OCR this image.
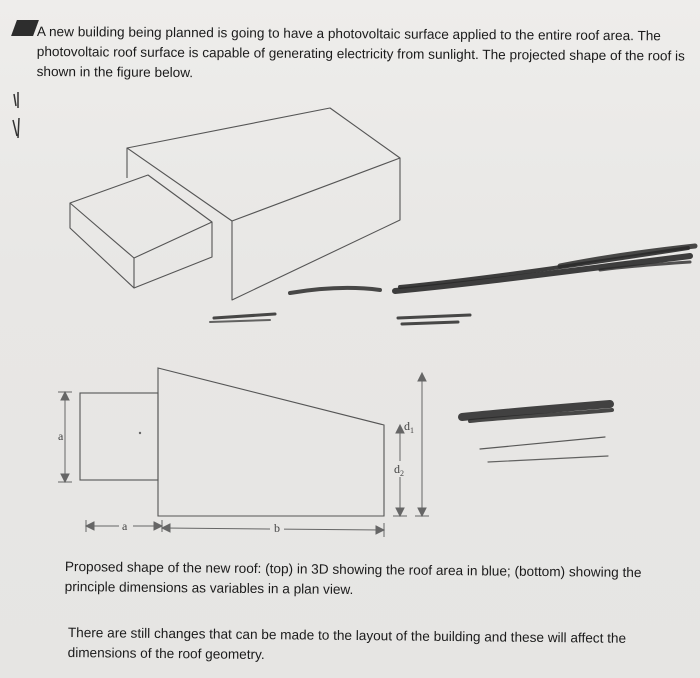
A new building being planned is going to have a photovoltaic surface applied to the entire roof area. The photovoltaic roof surface is capable of generating electricity from sunlight. The projected shape of the roof is shown in the figure below.

a
a	b
$d_1$
$d_2$

Proposed shape of the new roof: (top) in 3D showing the roof area in blue; (bottom) showing the principle dimensions as variables in a plan view.

There are still changes that can be made to the layout of the building and these will affect the dimensions of the roof geometry.
